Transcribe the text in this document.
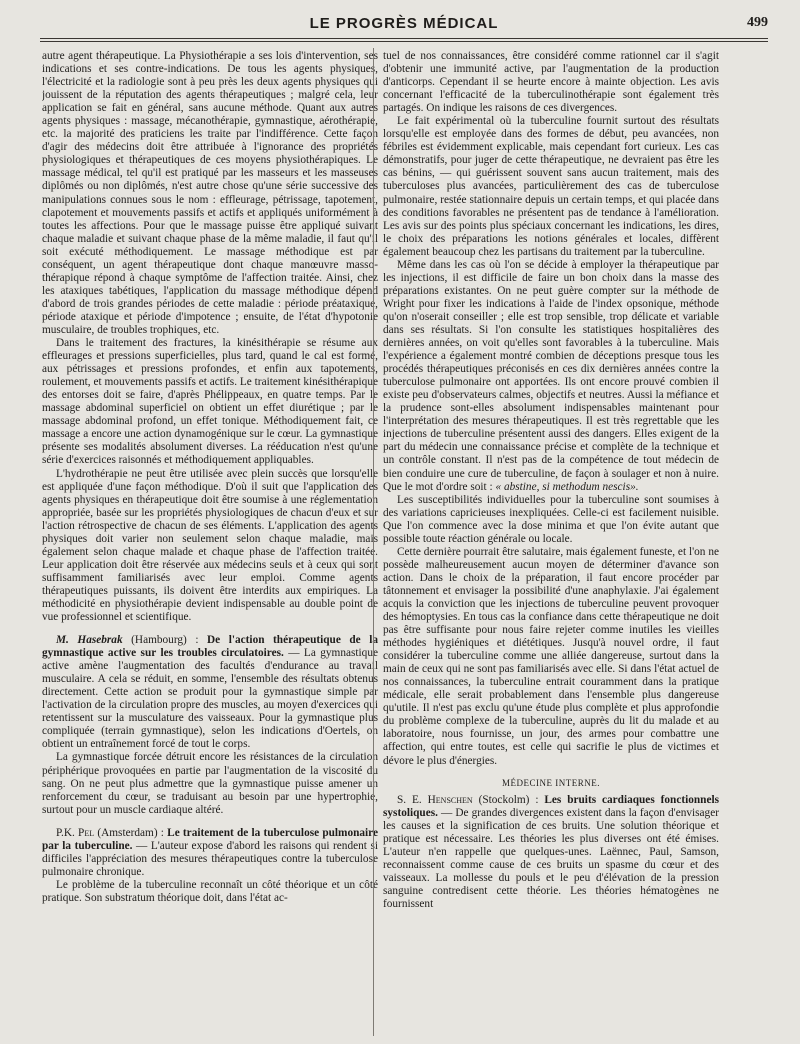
LE PROGRÈS MÉDICAL	499

autre agent thérapeutique. La Physiothérapie a ses lois d'intervention, ses indications et ses contre-indications. De tous les agents physiques, l'électricité et la radiologie sont à peu près les deux agents physiques qui jouissent de la réputation des agents thérapeutiques ; malgré cela, leur application se fait en général, sans aucune méthode. Quant aux autres agents physiques : massage, mécanothérapie, gymnastique, aérothérapie, etc. la majorité des praticiens les traite par l'indifférence. Cette façon d'agir des médecins doit être attribuée à l'ignorance des propriétés physiologiques et thérapeutiques de ces moyens physiothérapiques. Le massage médical, tel qu'il est pratiqué par les masseurs et les masseuses diplômés ou non diplômés, n'est autre chose qu'une série successive des manipulations connues sous le nom : effleurage, pétrissage, tapotement, clapotement et mouvements passifs et actifs et appliqués uniformément à toutes les affections. Pour que le massage puisse être appliqué suivant chaque maladie et suivant chaque phase de la même maladie, il faut qu'il soit exécuté méthodiquement. Le massage méthodique est par conséquent, un agent thérapeutique dont chaque manœuvre masso-thérapique répond à chaque symptôme de l'affection traitée. Ainsi, chez les ataxiques tabétiques, l'application du massage méthodique dépend d'abord de trois grandes périodes de cette maladie : période préataxique, période ataxique et période d'impotence ; ensuite, de l'état d'hypotonie musculaire, de troubles trophiques, etc.

Dans le traitement des fractures, la kinésithérapie se résume aux effleurages et pressions superficielles, plus tard, quand le cal est formé, aux pétrissages et pressions profondes, et enfin aux tapotements, roulement, et mouvements passifs et actifs. Le traitement kinésithérapique des entorses doit se faire, d'après Phélippeaux, en quatre temps. Par le massage abdominal superficiel on obtient un effet diurétique ; par le massage abdominal profond, un effet tonique. Méthodiquement fait, ce massage a encore une action dynamogénique sur le cœur. La gymnastique présente ses modalités absolument diverses. La rééducation n'est qu'une série d'exercices raisonnés et méthodiquement appliquables.

L'hydrothérapie ne peut être utilisée avec plein succès que lorsqu'elle est appliquée d'une façon méthodique. D'où il suit que l'application des agents physiques en thérapeutique doit être soumise à une réglementation appropriée, basée sur les propriétés physiologiques de chacun d'eux et sur l'action rétrospective de chacun de ses éléments. L'application des agents physiques doit varier non seulement selon chaque maladie, mais également selon chaque malade et chaque phase de l'affection traitée. Leur application doit être réservée aux médecins seuls et à ceux qui sont suffisamment familiarisés avec leur emploi. Comme agents thérapeutiques puissants, ils doivent être interdits aux empiriques. La méthodicité en physiothérapie devient indispensable au double point de vue professionnel et scientifique.

M. Hasebrak (Hambourg) : De l'action thérapeutique de la gymnastique active sur les troubles circulatoires. — La gymnastique active amène l'augmentation des facultés d'endurance au travail musculaire. A cela se réduit, en somme, l'ensemble des résultats obtenus directement. Cette action se produit pour la gymnastique simple par l'activation de la circulation propre des muscles, au moyen d'exercices qui retentissent sur la musculature des vaisseaux. Pour la gymnastique plus compliquée (terrain gymnastique), selon les indications d'Oertels, on obtient un entraînement forcé de tout le corps.

La gymnastique forcée détruit encore les résistances de la circulation périphérique provoquées en partie par l'augmentation de la viscosité du sang. On ne peut plus admettre que la gymnastique puisse amener un renforcement du cœur, se traduisant au besoin par une hypertrophie, surtout pour un muscle cardiaque altéré.

P.K. Pel (Amsterdam) : Le traitement de la tuberculose pulmonaire par la tuberculine. — L'auteur expose d'abord les raisons qui rendent si difficiles l'appréciation des mesures thérapeutiques contre la tuberculose pulmonaire chronique.

Le problème de la tuberculine reconnaît un côté théorique et un côté pratique. Son substratum théorique doit, dans l'état ac-

tuel de nos connaissances, être considéré comme rationnel car il s'agit d'obtenir une immunité active, par l'augmentation de la production d'anticorps. Cependant il se heurte encore à mainte objection. Les avis concernant l'efficacité de la tuberculinothérapie sont également très partagés. On indique les raisons de ces divergences.

Le fait expérimental où la tuberculine fournit surtout des résultats lorsqu'elle est employée dans des formes de début, peu avancées, non fébriles est évidemment explicable, mais cependant fort curieux. Les cas démonstratifs, pour juger de cette thérapeutique, ne devraient pas être les cas bénins, — qui guérissent souvent sans aucun traitement, mais des tuberculoses plus avancées, particulièrement des cas de tuberculose pulmonaire, restée stationnaire depuis un certain temps, et qui placée dans des conditions favorables ne présentent pas de tendance à l'amélioration. Les avis sur des points plus spéciaux concernant les indications, les dires, le choix des préparations les notions générales et locales, diffèrent également beaucoup chez les partisans du traitement par la tuberculine.

Même dans les cas où l'on se décide à employer la thérapeutique par les injections, il est difficile de faire un bon choix dans la masse des préparations existantes. On ne peut guère compter sur la méthode de Wright pour fixer les indications à l'aide de l'index opsonique, méthode qu'on n'oserait conseiller ; elle est trop sensible, trop délicate et variable dans ses résultats. Si l'on consulte les statistiques hospitalières des dernières années, on voit qu'elles sont favorables à la tuberculine. Mais l'expérience a également montré combien de déceptions presque tous les procédés thérapeutiques préconisés en ces dix dernières années contre la tuberculose pulmonaire ont apportées. Ils ont encore prouvé combien il existe peu d'observateurs calmes, objectifs et neutres. Aussi la méfiance et la prudence sont-elles absolument indispensables maintenant pour l'interprétation des mesures thérapeutiques. Il est très regrettable que les injections de tuberculine présentent aussi des dangers. Elles exigent de la part du médecin une connaissance précise et complète de la technique et un contrôle constant. Il n'est pas de la compétence de tout médecin de bien conduire une cure de tuberculine, de façon à soulager et non à nuire. Que le mot d'ordre soit : « abstine, si methodum nescis».

Les susceptibilités individuelles pour la tuberculine sont soumises à des variations capricieuses inexpliquées. Celle-ci est facilement nuisible. Que l'on commence avec la dose minima et que l'on évite autant que possible toute réaction générale ou locale.

Cette dernière pourrait être salutaire, mais également funeste, et l'on ne possède malheureusement aucun moyen de déterminer d'avance son action. Dans le choix de la préparation, il faut encore procéder par tâtonnement et envisager la possibilité d'une anaphylaxie. J'ai également acquis la conviction que les injections de tuberculine peuvent provoquer des hémoptysies. En tous cas la confiance dans cette thérapeutique ne doit pas être suffisante pour nous faire rejeter comme inutiles les vieilles méthodes hygiéniques et diététiques. Jusqu'à nouvel ordre, il faut considérer la tuberculine comme une alliée dangereuse, surtout dans la main de ceux qui ne sont pas familiarisés avec elle. Si dans l'état actuel de nos connaissances, la tuberculine entrait couramment dans la pratique médicale, elle serait probablement dans l'ensemble plus dangereuse qu'utile. Il n'est pas exclu qu'une étude plus complète et plus approfondie du problème complexe de la tuberculine, auprès du lit du malade et au laboratoire, nous fournisse, un jour, des armes pour combattre une affection, qui entre toutes, est celle qui sacrifie le plus de victimes et dévore le plus d'énergies.

MÉDECINE INTERNE.

S. E. Henschen (Stockolm) : Les bruits cardiaques fonctionnels systoliques. — De grandes divergences existent dans la façon d'envisager les causes et la signification de ces bruits. Une solution théorique et pratique est nécessaire. Les théories les plus diverses ont été émises. L'auteur n'en rappelle que quelques-unes. Laënnec, Paul, Samson, reconnaissent comme cause de ces bruits un spasme du cœur et des vaisseaux. La mollesse du pouls et le peu d'élévation de la pression sanguine contredisent cette théorie. Les théories hématogènes ne fournissent
